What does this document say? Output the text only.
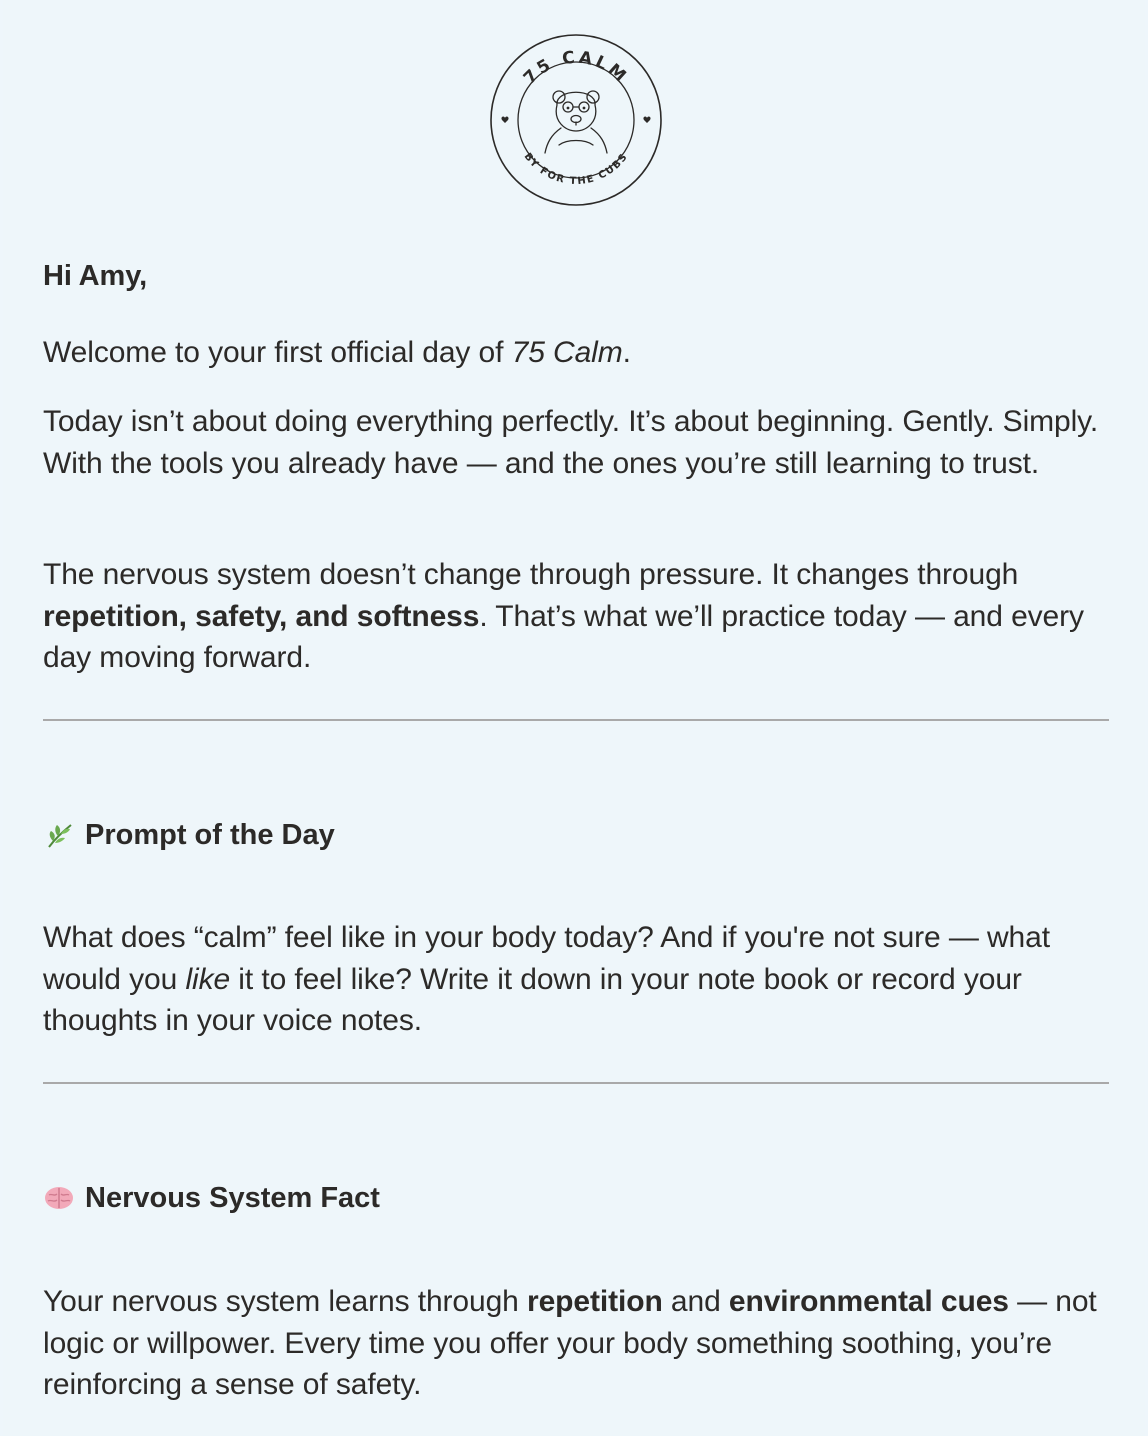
75 CALM
BY FOR THE CUBS

Hi Amy,

Welcome to your first official day of 75 Calm.

Today isn’t about doing everything perfectly. It’s about beginning. Gently. Simply. With the tools you already have — and the ones you’re still learning to trust.

The nervous system doesn’t change through pressure. It changes through repetition, safety, and softness. That’s what we’ll practice today — and every day moving forward.

Prompt of the Day

What does “calm” feel like in your body today? And if you're not sure — what would you like it to feel like? Write it down in your note book or record your thoughts in your voice notes.

Nervous System Fact

Your nervous system learns through repetition and environmental cues — not logic or willpower. Every time you offer your body something soothing, you’re reinforcing a sense of safety.
